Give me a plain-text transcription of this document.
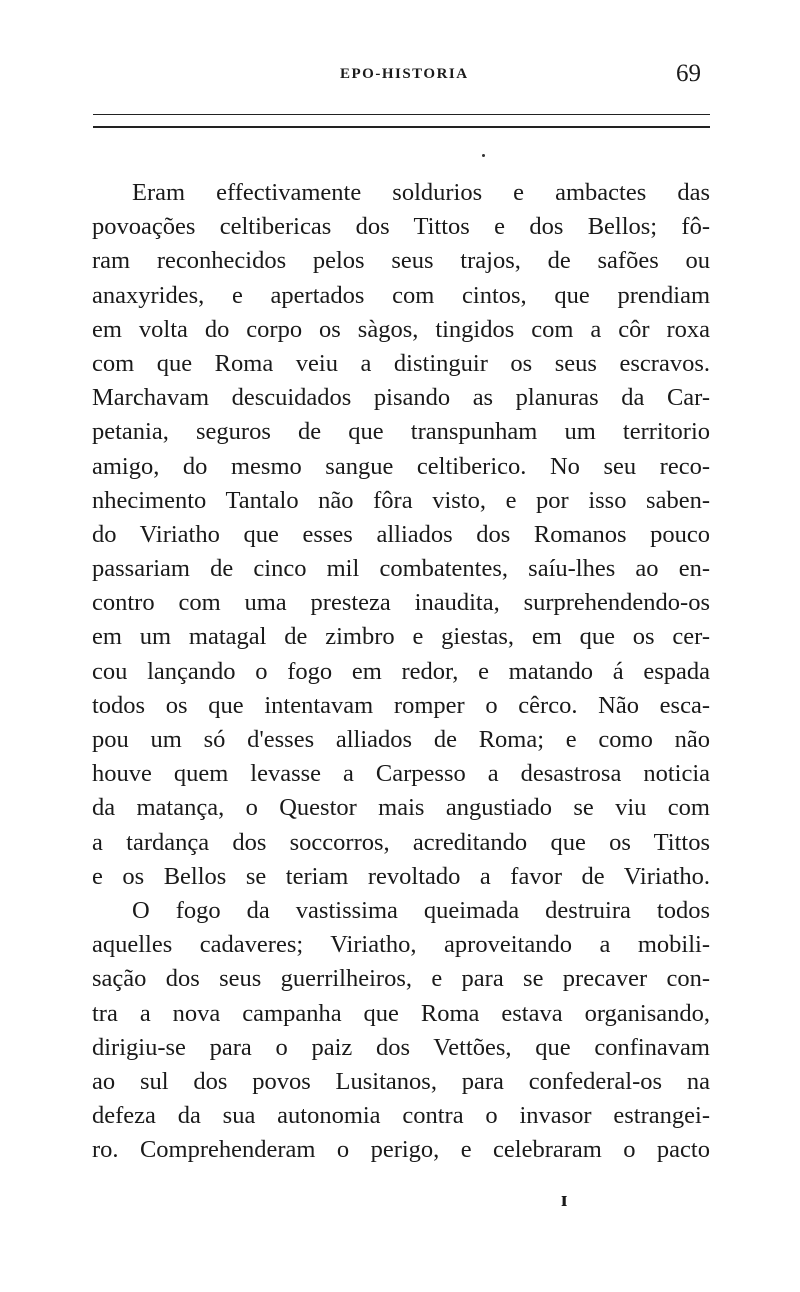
EPO-HISTORIA	69
Eram effectivamente soldurios e ambactes das
povoações celtibericas dos Tittos e dos Bellos; fô-
ram reconhecidos pelos seus trajos, de safões ou
anaxyrides, e apertados com cintos, que prendiam
em volta do corpo os sàgos, tingidos com a côr roxa
com que Roma veiu a distinguir os seus escravos.
Marchavam descuidados pisando as planuras da Car-
petania, seguros de que transpunham um territorio
amigo, do mesmo sangue celtiberico. No seu reco-
nhecimento Tantalo não fôra visto, e por isso saben-
do Viriatho que esses alliados dos Romanos pouco
passariam de cinco mil combatentes, saíu-lhes ao en-
contro com uma presteza inaudita, surprehendendo-os
em um matagal de zimbro e giestas, em que os cer-
cou lançando o fogo em redor, e matando á espada
todos os que intentavam romper o cêrco. Não esca-
pou um só d'esses alliados de Roma; e como não
houve quem levasse a Carpesso a desastrosa noticia
da matança, o Questor mais angustiado se viu com
a tardança dos soccorros, acreditando que os Tittos
e os Bellos se teriam revoltado a favor de Viriatho.
O fogo da vastissima queimada destruira todos
aquelles cadaveres; Viriatho, aproveitando a mobili-
sação dos seus guerrilheiros, e para se precaver con-
tra a nova campanha que Roma estava organisando,
dirigiu-se para o paiz dos Vettões, que confinavam
ao sul dos povos Lusitanos, para confederal-os na
defeza da sua autonomia contra o invasor estrangei-
ro. Comprehenderam o perigo, e celebraram o pacto
ɪ
